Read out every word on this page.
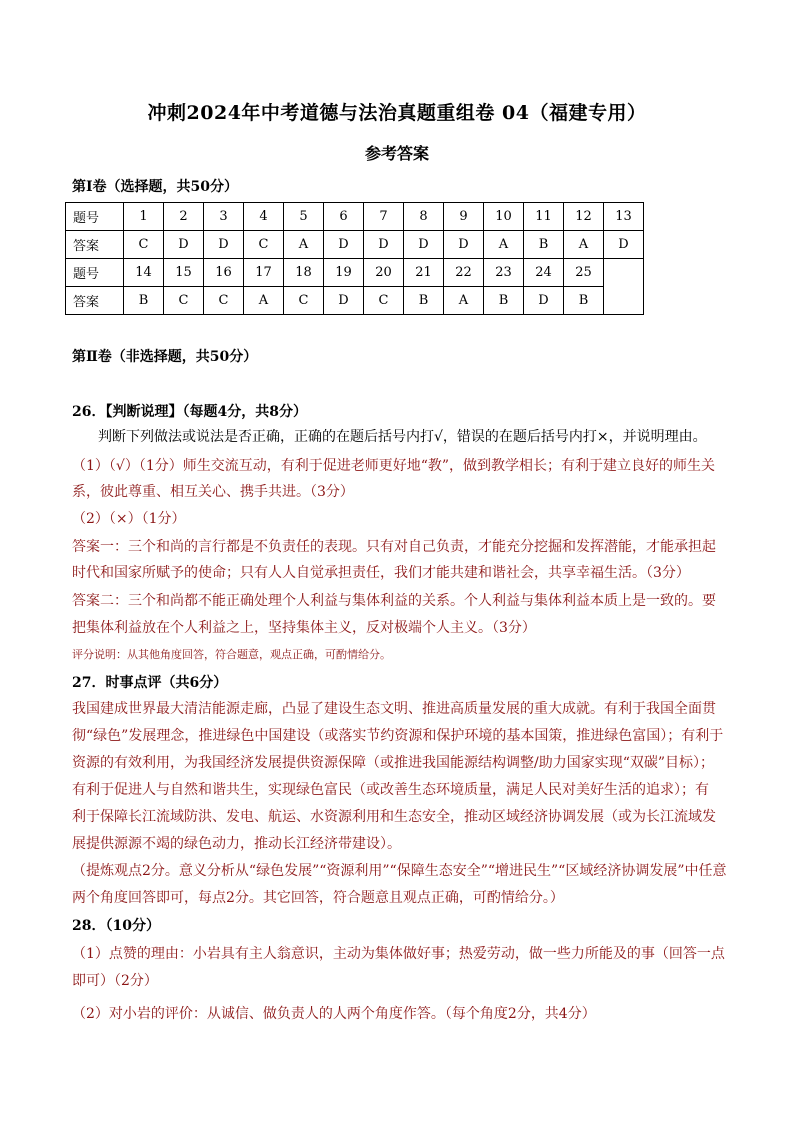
冲刺2024年中考道德与法治真题重组卷 04（福建专用）
参考答案
第Ⅰ卷（选择题，共50分）
题号	1	2	3	4	5	6	7	8	9	10	11	12	13
答案	C	D	D	C	A	D	D	D	D	A	B	A	D
题号	14	15	16	17	18	19	20	21	22	23	24	25	
答案	B	C	C	A	C	D	C	B	A	B	D	B	
第Ⅱ卷（非选择题，共50分）
26．【判断说理】（每题4分，共8分）
判断下列做法或说法是否正确，正确的在题后括号内打√，错误的在题后括号内打×，并说明理由。
（1）（√）（1分）师生交流互动，有利于促进老师更好地“教”，做到教学相长；有利于建立良好的师生关
系，彼此尊重、相互关心、携手共进。（3分）
（2）（×）（1分）
答案一：三个和尚的言行都是不负责任的表现。只有对自己负责，才能充分挖掘和发挥潜能，才能承担起
时代和国家所赋予的使命；只有人人自觉承担责任，我们才能共建和谐社会，共享幸福生活。（3分）
答案二：三个和尚都不能正确处理个人利益与集体利益的关系。个人利益与集体利益本质上是一致的。要
把集体利益放在个人利益之上，坚持集体主义，反对极端个人主义。（3分）
评分说明：从其他角度回答，符合题意，观点正确，可酌情给分。
27．时事点评（共6分）
我国建成世界最大清洁能源走廊，凸显了建设生态文明、推进高质量发展的重大成就。有利于我国全面贯
彻“绿色”发展理念，推进绿色中国建设（或落实节约资源和保护环境的基本国策，推进绿色富国）；有利于
资源的有效利用，为我国经济发展提供资源保障（或推进我国能源结构调整/助力国家实现“双碳”目标）；
有利于促进人与自然和谐共生，实现绿色富民（或改善生态环境质量，满足人民对美好生活的追求）；有
利于保障长江流域防洪、发电、航运、水资源利用和生态安全，推动区域经济协调发展（或为长江流域发
展提供源源不竭的绿色动力，推动长江经济带建设）。
（提炼观点2分。意义分析从“绿色发展”“资源利用”“保障生态安全”“增进民生”“区域经济协调发展”中任意
两个角度回答即可，每点2分。其它回答，符合题意且观点正确，可酌情给分。）
28．（10分）
（1）点赞的理由：小岩具有主人翁意识，主动为集体做好事；热爱劳动，做一些力所能及的事（回答一点
即可）（2分）
（2）对小岩的评价：从诚信、做负责人的人两个角度作答。（每个角度2分，共4分）
